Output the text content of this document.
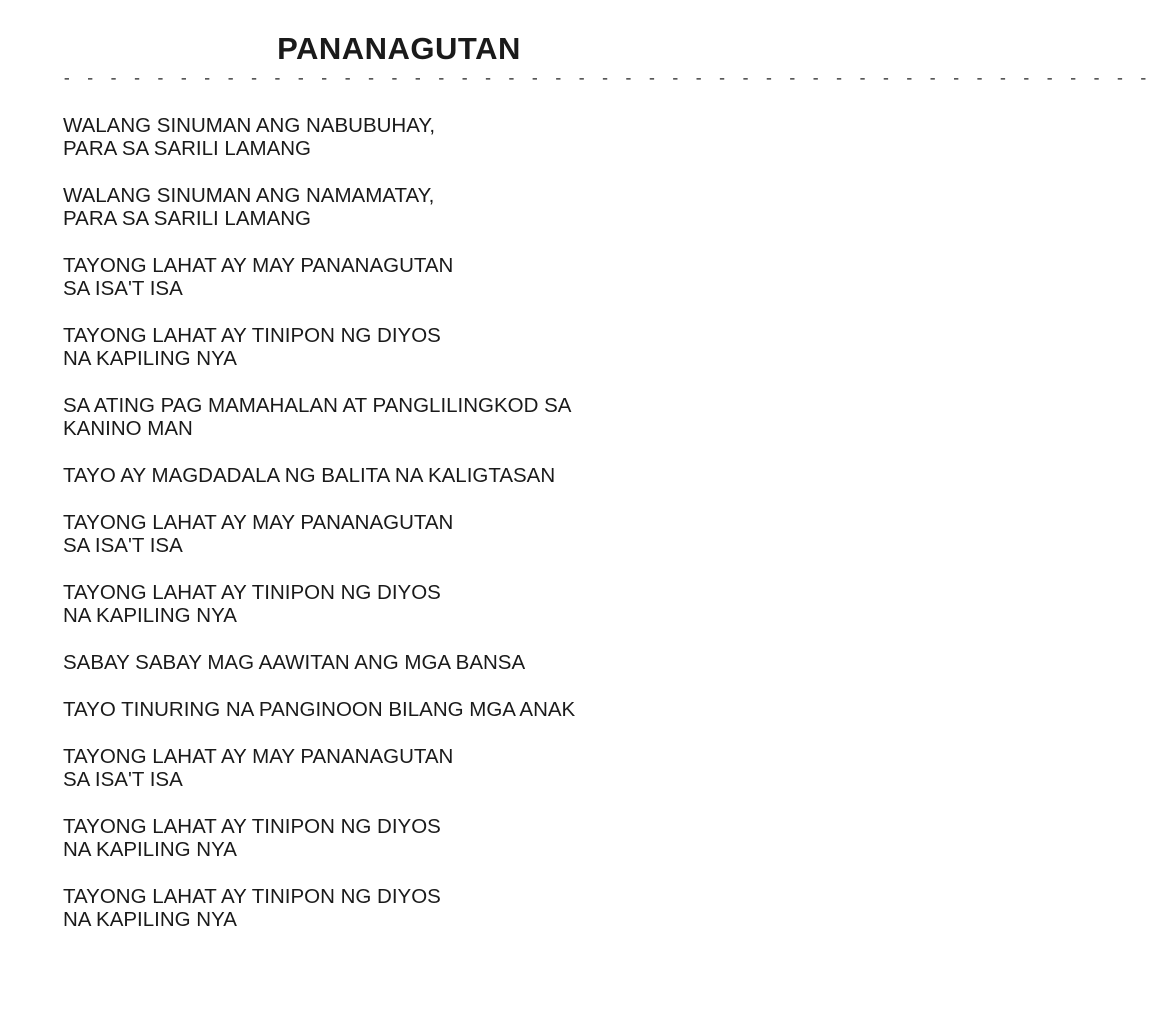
PANANAGUTAN
- - - - - - - - - - - - - - - - - - - - - - - - - - - - - - - - - - - - - - - - - - - - - - -
WALANG SINUMAN ANG NABUBUHAY,
PARA SA SARILI LAMANG
WALANG SINUMAN ANG NAMAMATAY,
PARA SA SARILI LAMANG
TAYONG LAHAT AY MAY PANANAGUTAN
SA ISA'T ISA
TAYONG LAHAT AY TINIPON NG DIYOS
NA KAPILING NYA
SA ATING PAG MAMAHALAN AT PANGLILINGKOD SA
KANINO MAN
TAYO AY MAGDADALA NG BALITA NA KALIGTASAN
TAYONG LAHAT AY MAY PANANAGUTAN
SA ISA'T ISA
TAYONG LAHAT AY TINIPON NG DIYOS
NA KAPILING NYA
SABAY SABAY MAG AAWITAN ANG MGA BANSA
TAYO TINURING NA PANGINOON BILANG MGA ANAK
TAYONG LAHAT AY MAY PANANAGUTAN
SA ISA'T ISA
TAYONG LAHAT AY TINIPON NG DIYOS
NA KAPILING NYA
TAYONG LAHAT AY TINIPON NG DIYOS
NA KAPILING NYA
